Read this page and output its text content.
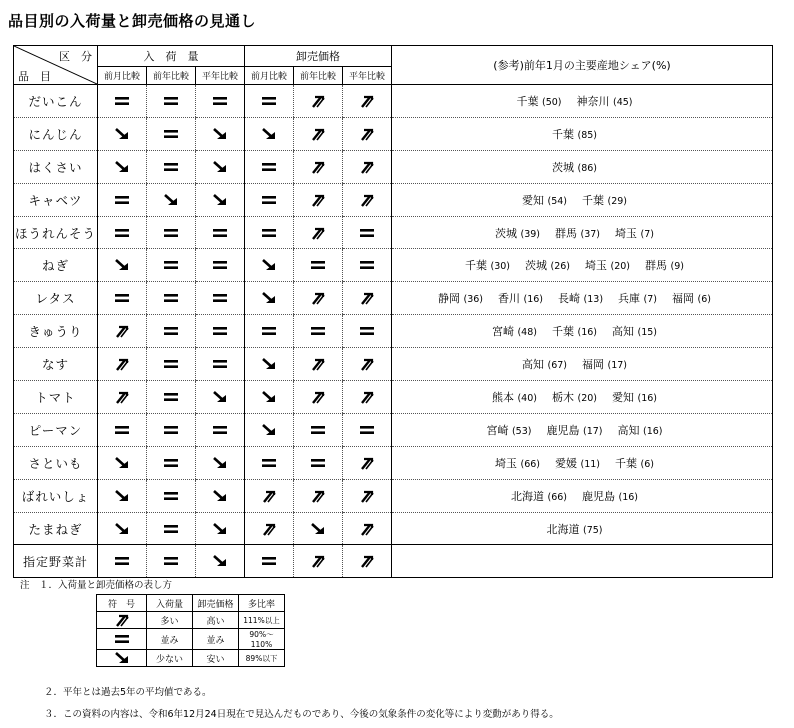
品目別の入荷量と卸売価格の見通し
区　分
品　目	入　荷　量			卸売価格			(参考)前年1月の主要産地シェア(%)
	前月比較	前年比較	平年比較	前月比較	前年比較	平年比較	
だいこん							千葉 (50) 神奈川 (45)
にんじん							千葉 (85)
はくさい							茨城 (86)
キャベツ							愛知 (54) 千葉 (29)
ほうれんそう							茨城 (39) 群馬 (37) 埼玉 (7)
ねぎ							千葉 (30) 茨城 (26) 埼玉 (20) 群馬 (9)
レタス							静岡 (36) 香川 (16) 長崎 (13) 兵庫 (7) 福岡 (6)
きゅうり							宮崎 (48) 千葉 (16) 高知 (15)
なす							高知 (67) 福岡 (17)
トマト							熊本 (40) 栃木 (20) 愛知 (16)
ピーマン							宮崎 (53) 鹿児島 (17) 高知 (16)
さといも							埼玉 (66) 愛媛 (11) 千葉 (6)
ばれいしょ							北海道 (66) 鹿児島 (16)
たまねぎ							北海道 (75)
指定野菜計	

注　１．入荷量と卸売価格の表し方
符　号	入荷量	卸売価格	多比率

	多い	高い	111%以上

	並み	並み	90%～110%

	少ない	安い	89%以下
２．平年とは過去5年の平均値である。
３．この資料の内容は、令和6年12月24日現在で見込んだものであり、今後の気象条件の変化等により変動があり得る。
